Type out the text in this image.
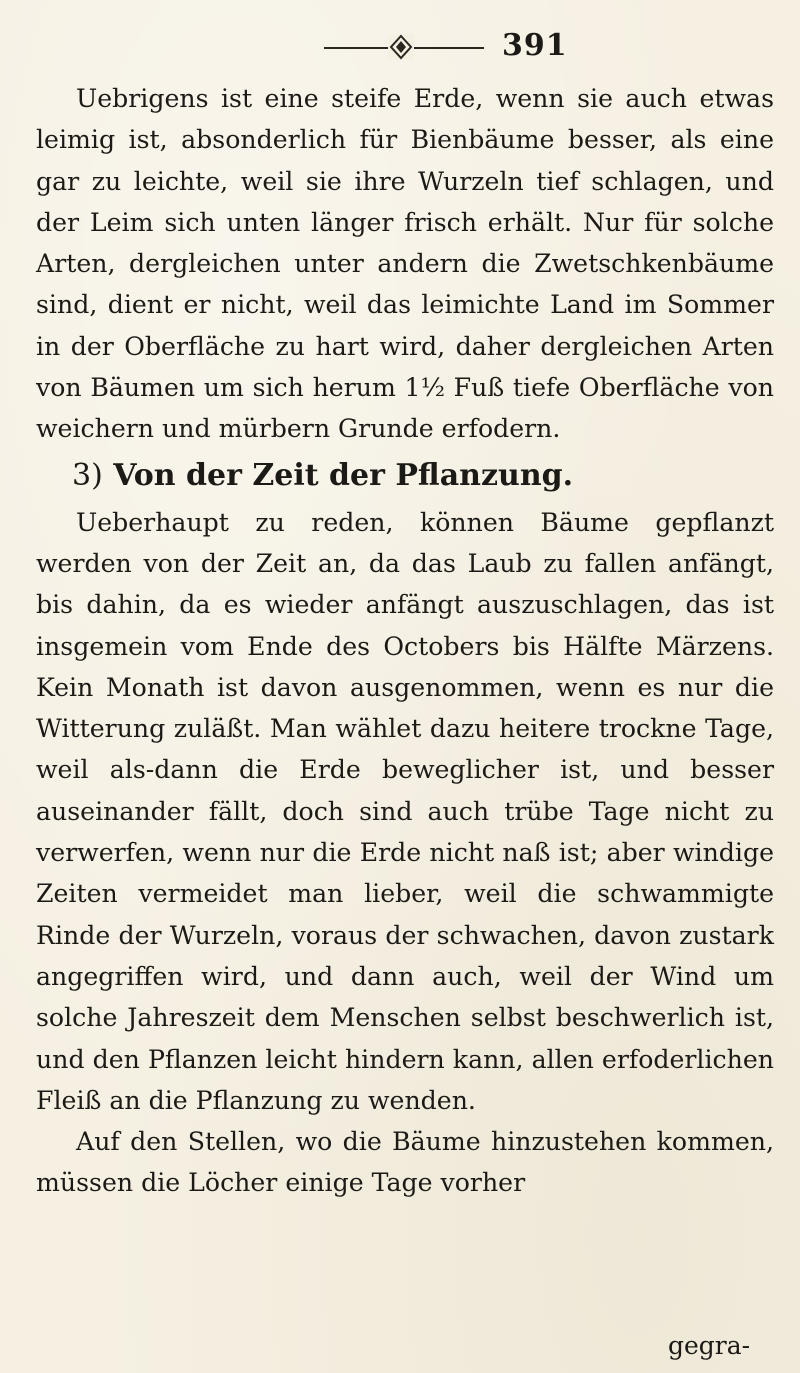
391

Uebrigens ist eine steife Erde, wenn sie auch etwas leimig ist, absonderlich für Bienbäume besser, als eine gar zu leichte, weil sie ihre Wurzeln tief schlagen, und der Leim sich unten länger frisch erhält. Nur für solche Arten, dergleichen unter andern die Zwetschkenbäume sind, dient er nicht, weil das leimichte Land im Sommer in der Oberfläche zu hart wird, daher dergleichen Arten von Bäumen um sich herum 1½ Fuß tiefe Oberfläche von weichern und mürbern Grunde erfodern.

3) Von der Zeit der Pflanzung.

Ueberhaupt zu reden, können Bäume gepflanzt werden von der Zeit an, da das Laub zu fallen anfängt, bis dahin, da es wieder anfängt auszuschlagen, das ist insgemein vom Ende des Octobers bis Hälfte Märzens. Kein Monath ist davon ausgenommen, wenn es nur die Witterung zuläßt. Man wählet dazu heitere trockne Tage, weil als-dann die Erde beweglicher ist, und besser auseinander fällt, doch sind auch trübe Tage nicht zu verwerfen, wenn nur die Erde nicht naß ist; aber windige Zeiten vermeidet man lieber, weil die schwammigte Rinde der Wurzeln, voraus der schwachen, davon zustark angegriffen wird, und dann auch, weil der Wind um solche Jahreszeit dem Menschen selbst beschwerlich ist, und den Pflanzen leicht hindern kann, allen erfoderlichen Fleiß an die Pflanzung zu wenden.

Auf den Stellen, wo die Bäume hinzustehen kommen, müssen die Löcher einige Tage vorher

gegra-
